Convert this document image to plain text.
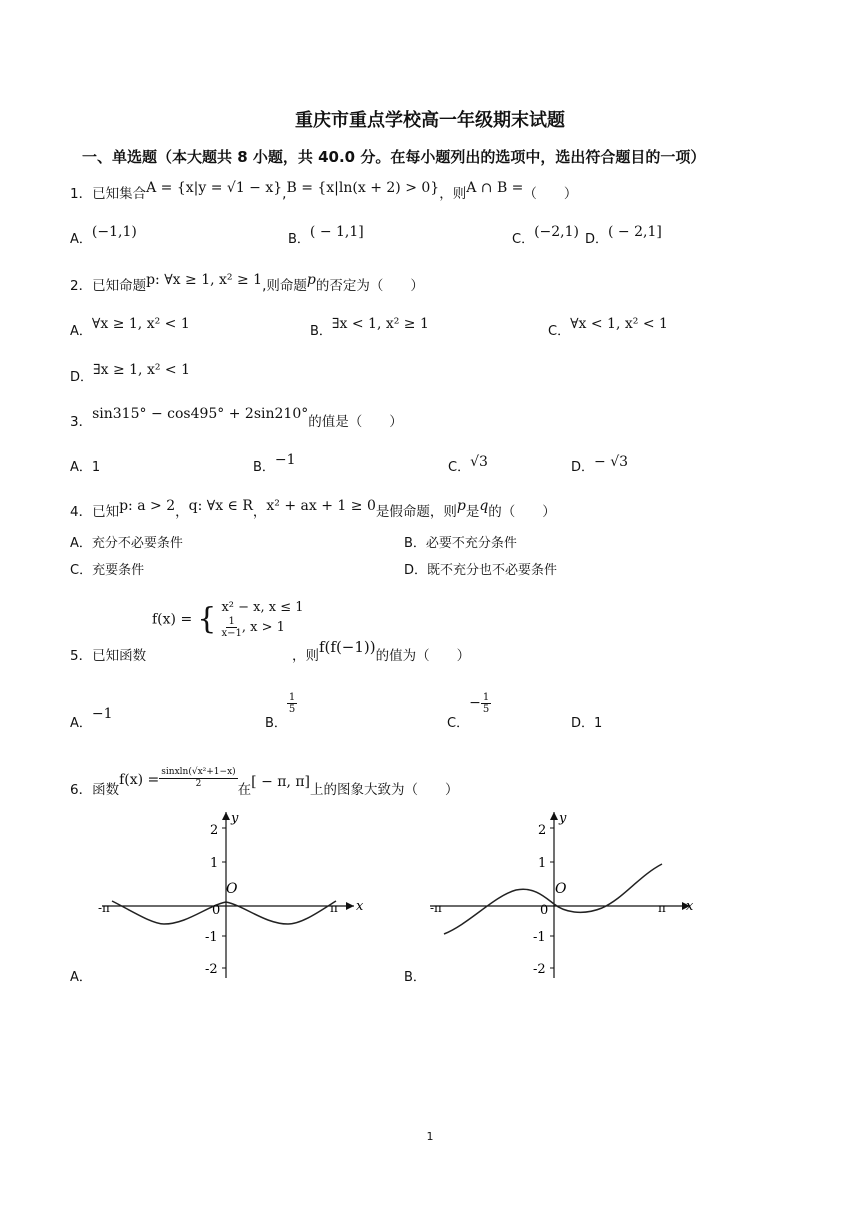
重庆市重点学校高一年级期末试题
一、单选题（本大题共 8 小题，共 40.0 分。在每小题列出的选项中，选出符合题目的一项）
1．已知集合A = {x|y = √1 − x},B = {x|ln(x + 2) > 0}，则A ∩ B =（　　）
A．(−1,1)	B．( − 1,1]	C．(−2,1) D．( − 2,1]
2．已知命题p: ∀x ≥ 1, x² ≥ 1,则命题p的否定为（　　）
A．∀x ≥ 1, x² < 1	B．∃x < 1, x² ≥ 1	C．∀x < 1, x² < 1
D．∃x ≥ 1, x² < 1
3．sin315° − cos495° + 2sin210°的值是（　　）
A．1	B．−1	C．√3	D．− √3
4．已知p: a > 2，q: ∀x ∈ R，x² + ax + 1 ≥ 0是假命题，则p是q的（　　）
A．充分不必要条件	B．必要不充分条件
C．充要条件	D．既不充分也不必要条件
5．已知函数
f(x) = { x² − x, x ≤ 1
$\frac{1}{x-1}$ , x > 1
，则f(f(−1))的值为（　　）
A．−1
B．
$\frac{1}{5}$
C．− $\frac{1}{5}$
D．1
6．函数$f(x) = \frac{\text{sinxln(√x²+1−x)}}{2}$
在[ − π, π]上的图象大致为（　　）
A．
y
x
2
1
-1
-2
O
0
-π	π
B．
y
x
2
1
-1
-2
O
0
-π	π
1
